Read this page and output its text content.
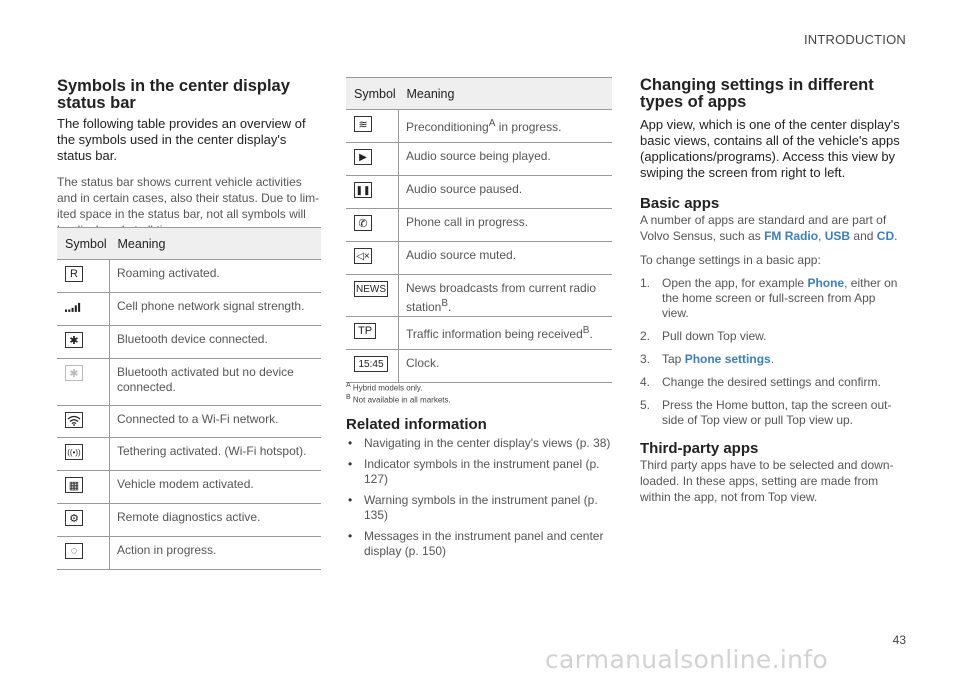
INTRODUCTION
43
carmanualsonline.info
Symbols in the center display status bar

The following table provides an overview of the symbols used in the center display's status bar.

The status bar shows current vehicle activities and in certain cases, also their status. Due to lim-ited space in the status bar, not all symbols will

Symbol	Meaning

R	Roaming activated.

	Cell phone network signal strength.

✱	Bluetooth device connected.

✱	Bluetooth activated but no device connected.

	Connected to a Wi-Fi network.

((•))	Tethering activated. (Wi-Fi hotspot).

▦	Vehicle modem activated.

⚙	Remote diagnostics active.

◌	Action in progress.
Symbol	Meaning

≋	Preconditioning$^A$ in progress.

▶	Audio source being played.

❚❚	Audio source paused.

✆	Phone call in progress.

◁×	Audio source muted.

NEWS	News broadcasts from current radio station$^B$.

TP	Traffic information being received$^B$.

15:45	Clock.
$^A$ Hybrid models only.
$^B$ Not available in all markets.
Related information
• Navigating in the center display's views (p. 38)
• Indicator symbols in the instrument panel (p. 127)
• Warning symbols in the instrument panel (p. 135)
• Messages in the instrument panel and center display (p. 150)
Changing settings in different types of apps

App view, which is one of the center display's basic views, contains all of the vehicle's apps (applications/programs). Access this view by swiping the screen from right to left.

Basic apps

A number of apps are standard and are part of Volvo Sensus, such as FM Radio, USB and CD.

To change settings in a basic app:

1. Open the app, for example Phone, either on the home screen or full-screen from App view.
2. Pull down Top view.
3. Tap Phone settings.
4. Change the desired settings and confirm.
5. Press the Home button, tap the screen out-side of Top view or pull Top view up.
Third-party apps

Third party apps have to be selected and down-loaded. In these apps, setting are made from within the app, not from Top view.
